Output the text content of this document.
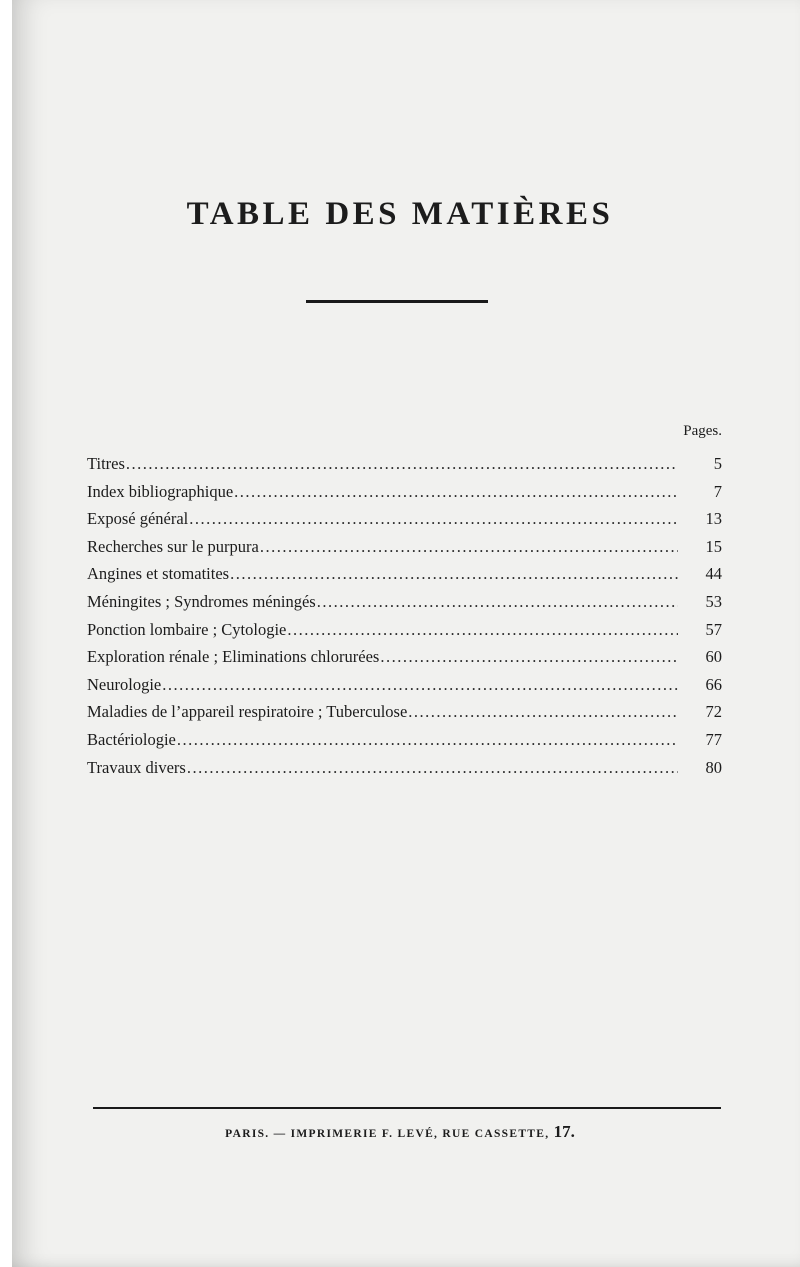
TABLE DES MATIÈRES
Pages.
Titres .....	5
Index bibliographique .....	7
Exposé général .....	13
Recherches sur le purpura .....	15
Angines et stomatites .....	44
Méningites ; Syndromes méningés .....	53
Ponction lombaire ; Cytologie .....	57
Exploration rénale ; Eliminations chlorurées .....	60
Neurologie .....	66
Maladies de l’appareil respiratoire ; Tuberculose .....	72
Bactériologie .....	77
Travaux divers .....	80
PARIS. — IMPRIMERIE F. LEVÉ, RUE CASSETTE, 17.
